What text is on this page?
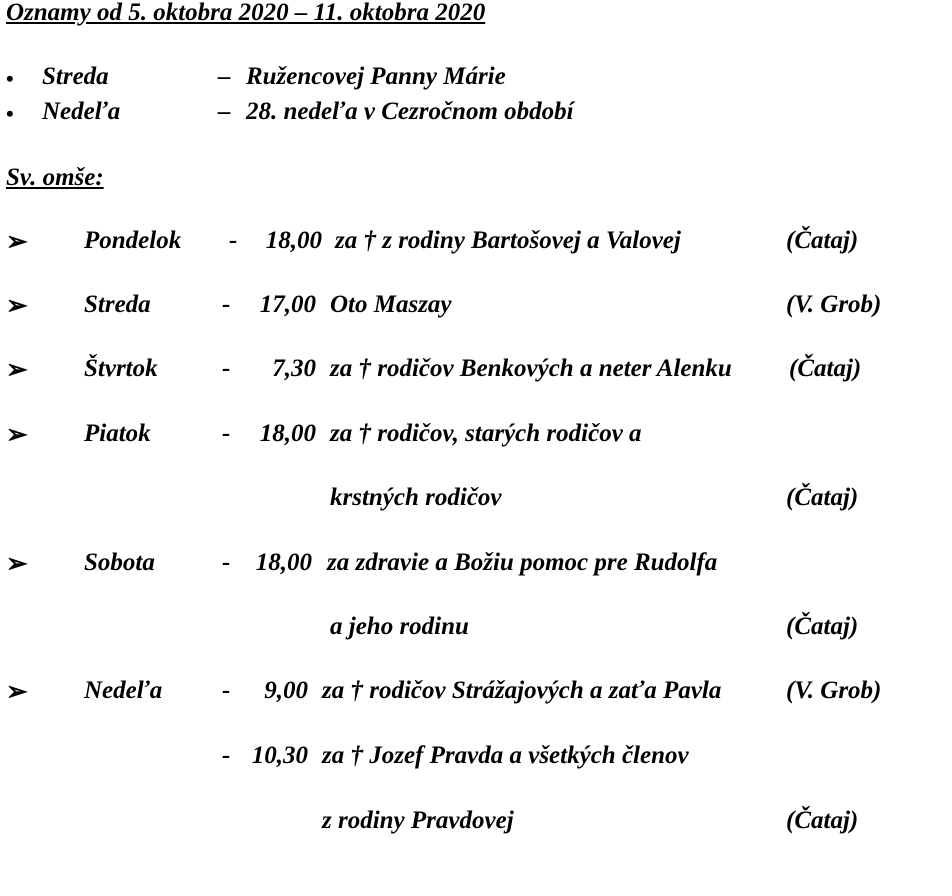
Oznamy od 5. oktobra 2020 – 11. oktobra 2020
• Streda	– Ružencovej Panny Márie
• Nedeľa	– 28. nedeľa v Cezročnom období
Sv. omše:
➢ Pondelok -	18,00 za † z rodiny Bartošovej a Valovej	(Čataj)
➢ Streda	-	17,00 Oto Maszay	(V. Grob)
➢ Štvrtok	-	7,30 za † rodičov Benkových a neter Alenku (Čataj)
➢ Piatok	-	18,00 za † rodičov, starých rodičov a
krstných rodičov	(Čataj)
➢ Sobota	-	18,00 za zdravie a Božiu pomoc pre Rudolfa
a jeho rodinu	(Čataj)
➢ Nedeľa -	9,00 za † rodičov Strážajových a zaťa Pavla	(V. Grob)
- 10,30 za † Jozef Pravda a všetkých členov
z rodiny Pravdovej	(Čataj)
